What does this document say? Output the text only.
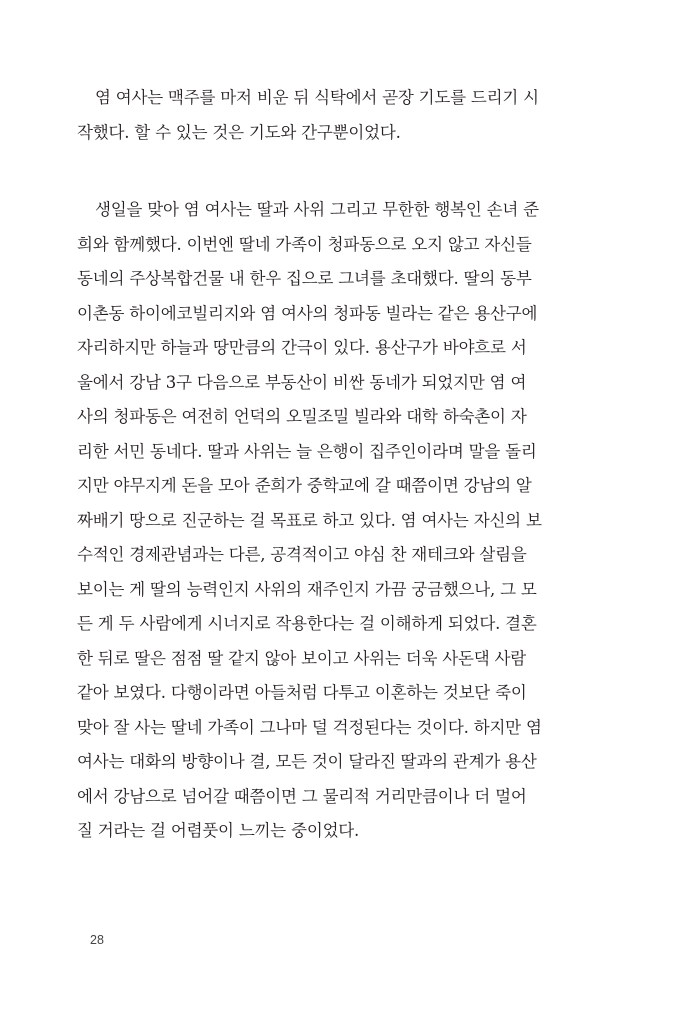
염 여사는 맥주를 마저 비운 뒤 식탁에서 곧장 기도를 드리기 시
작했다. 할 수 있는 것은 기도와 간구뿐이었다.
생일을 맞아 염 여사는 딸과 사위 그리고 무한한 행복인 손녀 준
희와 함께했다. 이번엔 딸네 가족이 청파동으로 오지 않고 자신들
동네의 주상복합건물 내 한우 집으로 그녀를 초대했다. 딸의 동부
이촌동 하이에코빌리지와 염 여사의 청파동 빌라는 같은 용산구에
자리하지만 하늘과 땅만큼의 간극이 있다. 용산구가 바야흐로 서
울에서 강남 3구 다음으로 부동산이 비싼 동네가 되었지만 염 여
사의 청파동은 여전히 언덕의 오밀조밀 빌라와 대학 하숙촌이 자
리한 서민 동네다. 딸과 사위는 늘 은행이 집주인이라며 말을 돌리
지만 야무지게 돈을 모아 준희가 중학교에 갈 때쯤이면 강남의 알
짜배기 땅으로 진군하는 걸 목표로 하고 있다. 염 여사는 자신의 보
수적인 경제관념과는 다른, 공격적이고 야심 찬 재테크와 살림을
보이는 게 딸의 능력인지 사위의 재주인지 가끔 궁금했으나, 그 모
든 게 두 사람에게 시너지로 작용한다는 걸 이해하게 되었다. 결혼
한 뒤로 딸은 점점 딸 같지 않아 보이고 사위는 더욱 사돈댁 사람
같아 보였다. 다행이라면 아들처럼 다투고 이혼하는 것보단 죽이
맞아 잘 사는 딸네 가족이 그나마 덜 걱정된다는 것이다. 하지만 염
여사는 대화의 방향이나 결, 모든 것이 달라진 딸과의 관계가 용산
에서 강남으로 넘어갈 때쯤이면 그 물리적 거리만큼이나 더 멀어
질 거라는 걸 어렴풋이 느끼는 중이었다.
28
